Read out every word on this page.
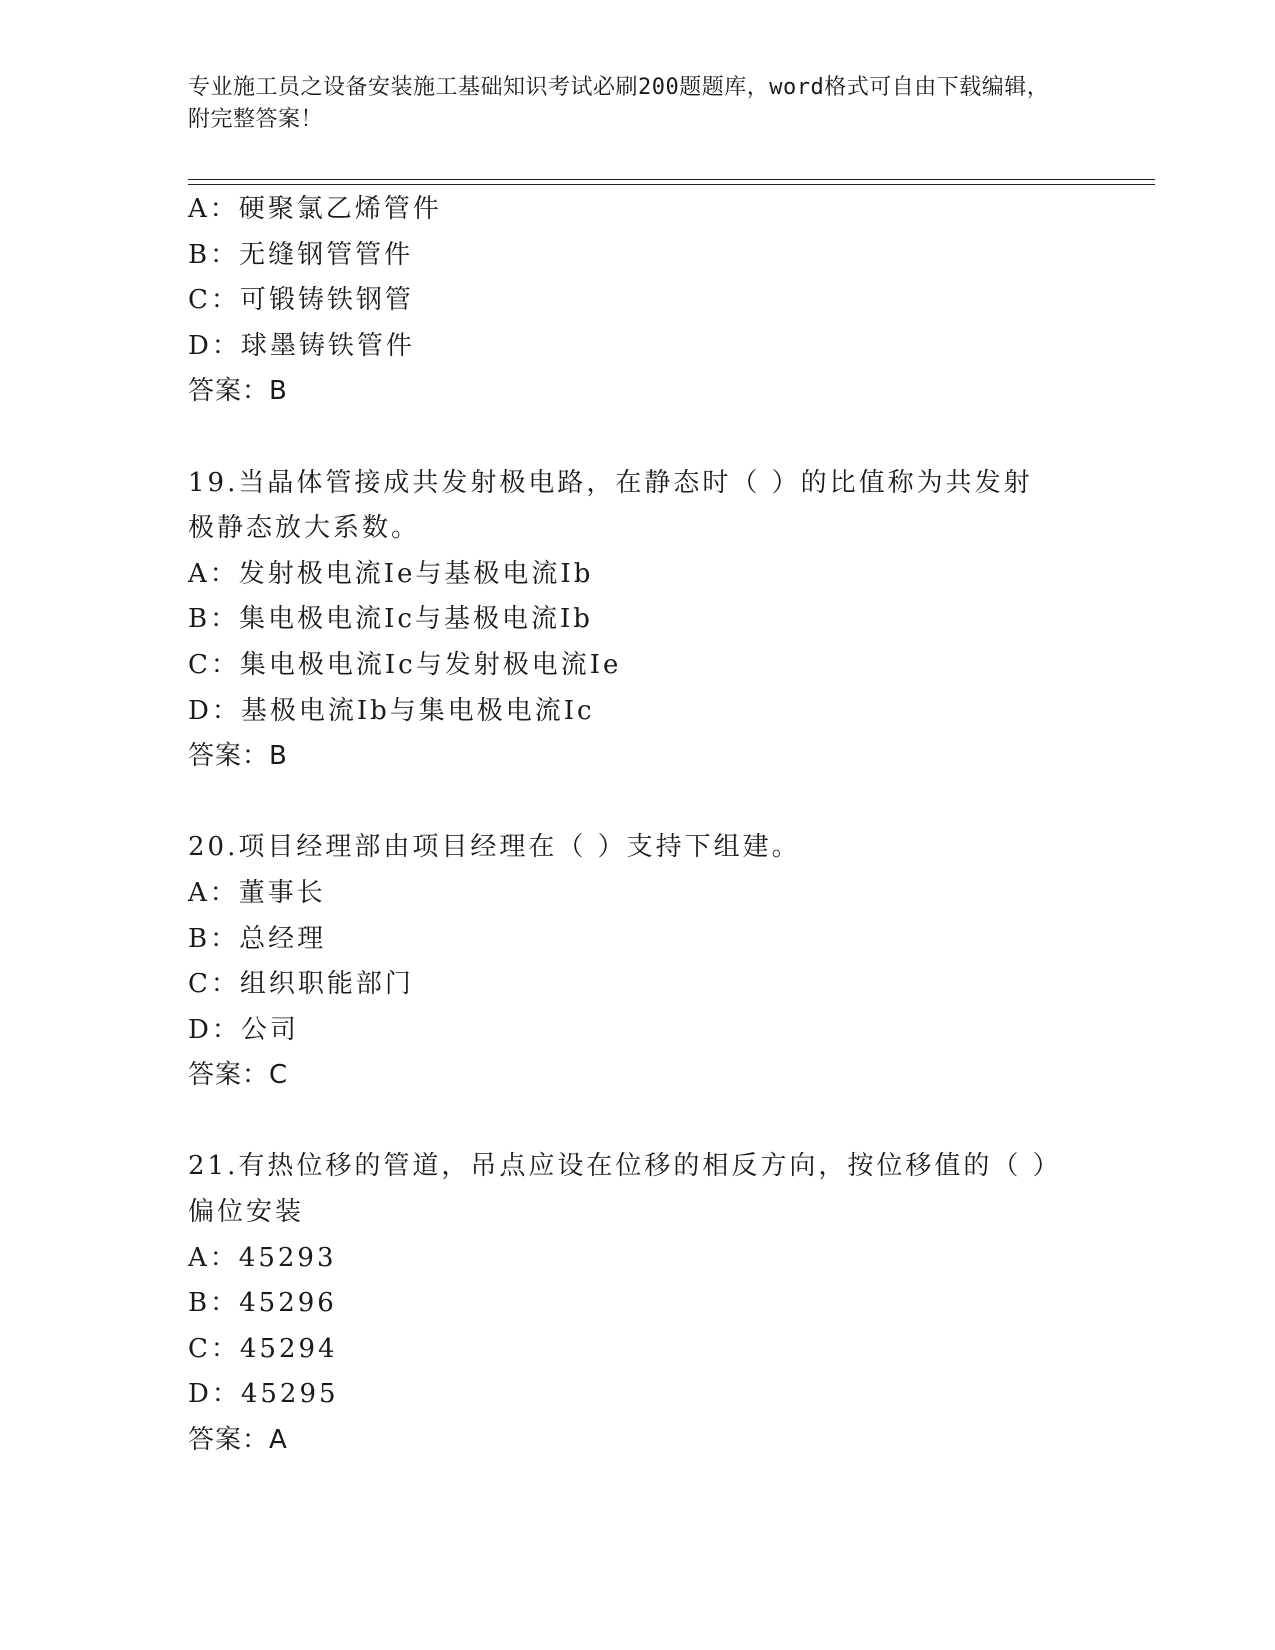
专业施工员之设备安装施工基础知识考试必刷200题题库，word格式可自由下载编辑，附完整答案！
A：硬聚氯乙烯管件
B：无缝钢管管件
C：可锻铸铁钢管
D：球墨铸铁管件
答案：B
19.当晶体管接成共发射极电路，在静态时（ ）的比值称为共发射极静态放大系数。
A：发射极电流Ie与基极电流Ib
B：集电极电流Ic与基极电流Ib
C：集电极电流Ic与发射极电流Ie
D：基极电流Ib与集电极电流Ic
答案：B
20.项目经理部由项目经理在（ ）支持下组建。
A：董事长
B：总经理
C：组织职能部门
D：公司
答案：C
21.有热位移的管道，吊点应设在位移的相反方向，按位移值的（ ）偏位安装
A：45293
B：45296
C：45294
D：45295
答案：A
